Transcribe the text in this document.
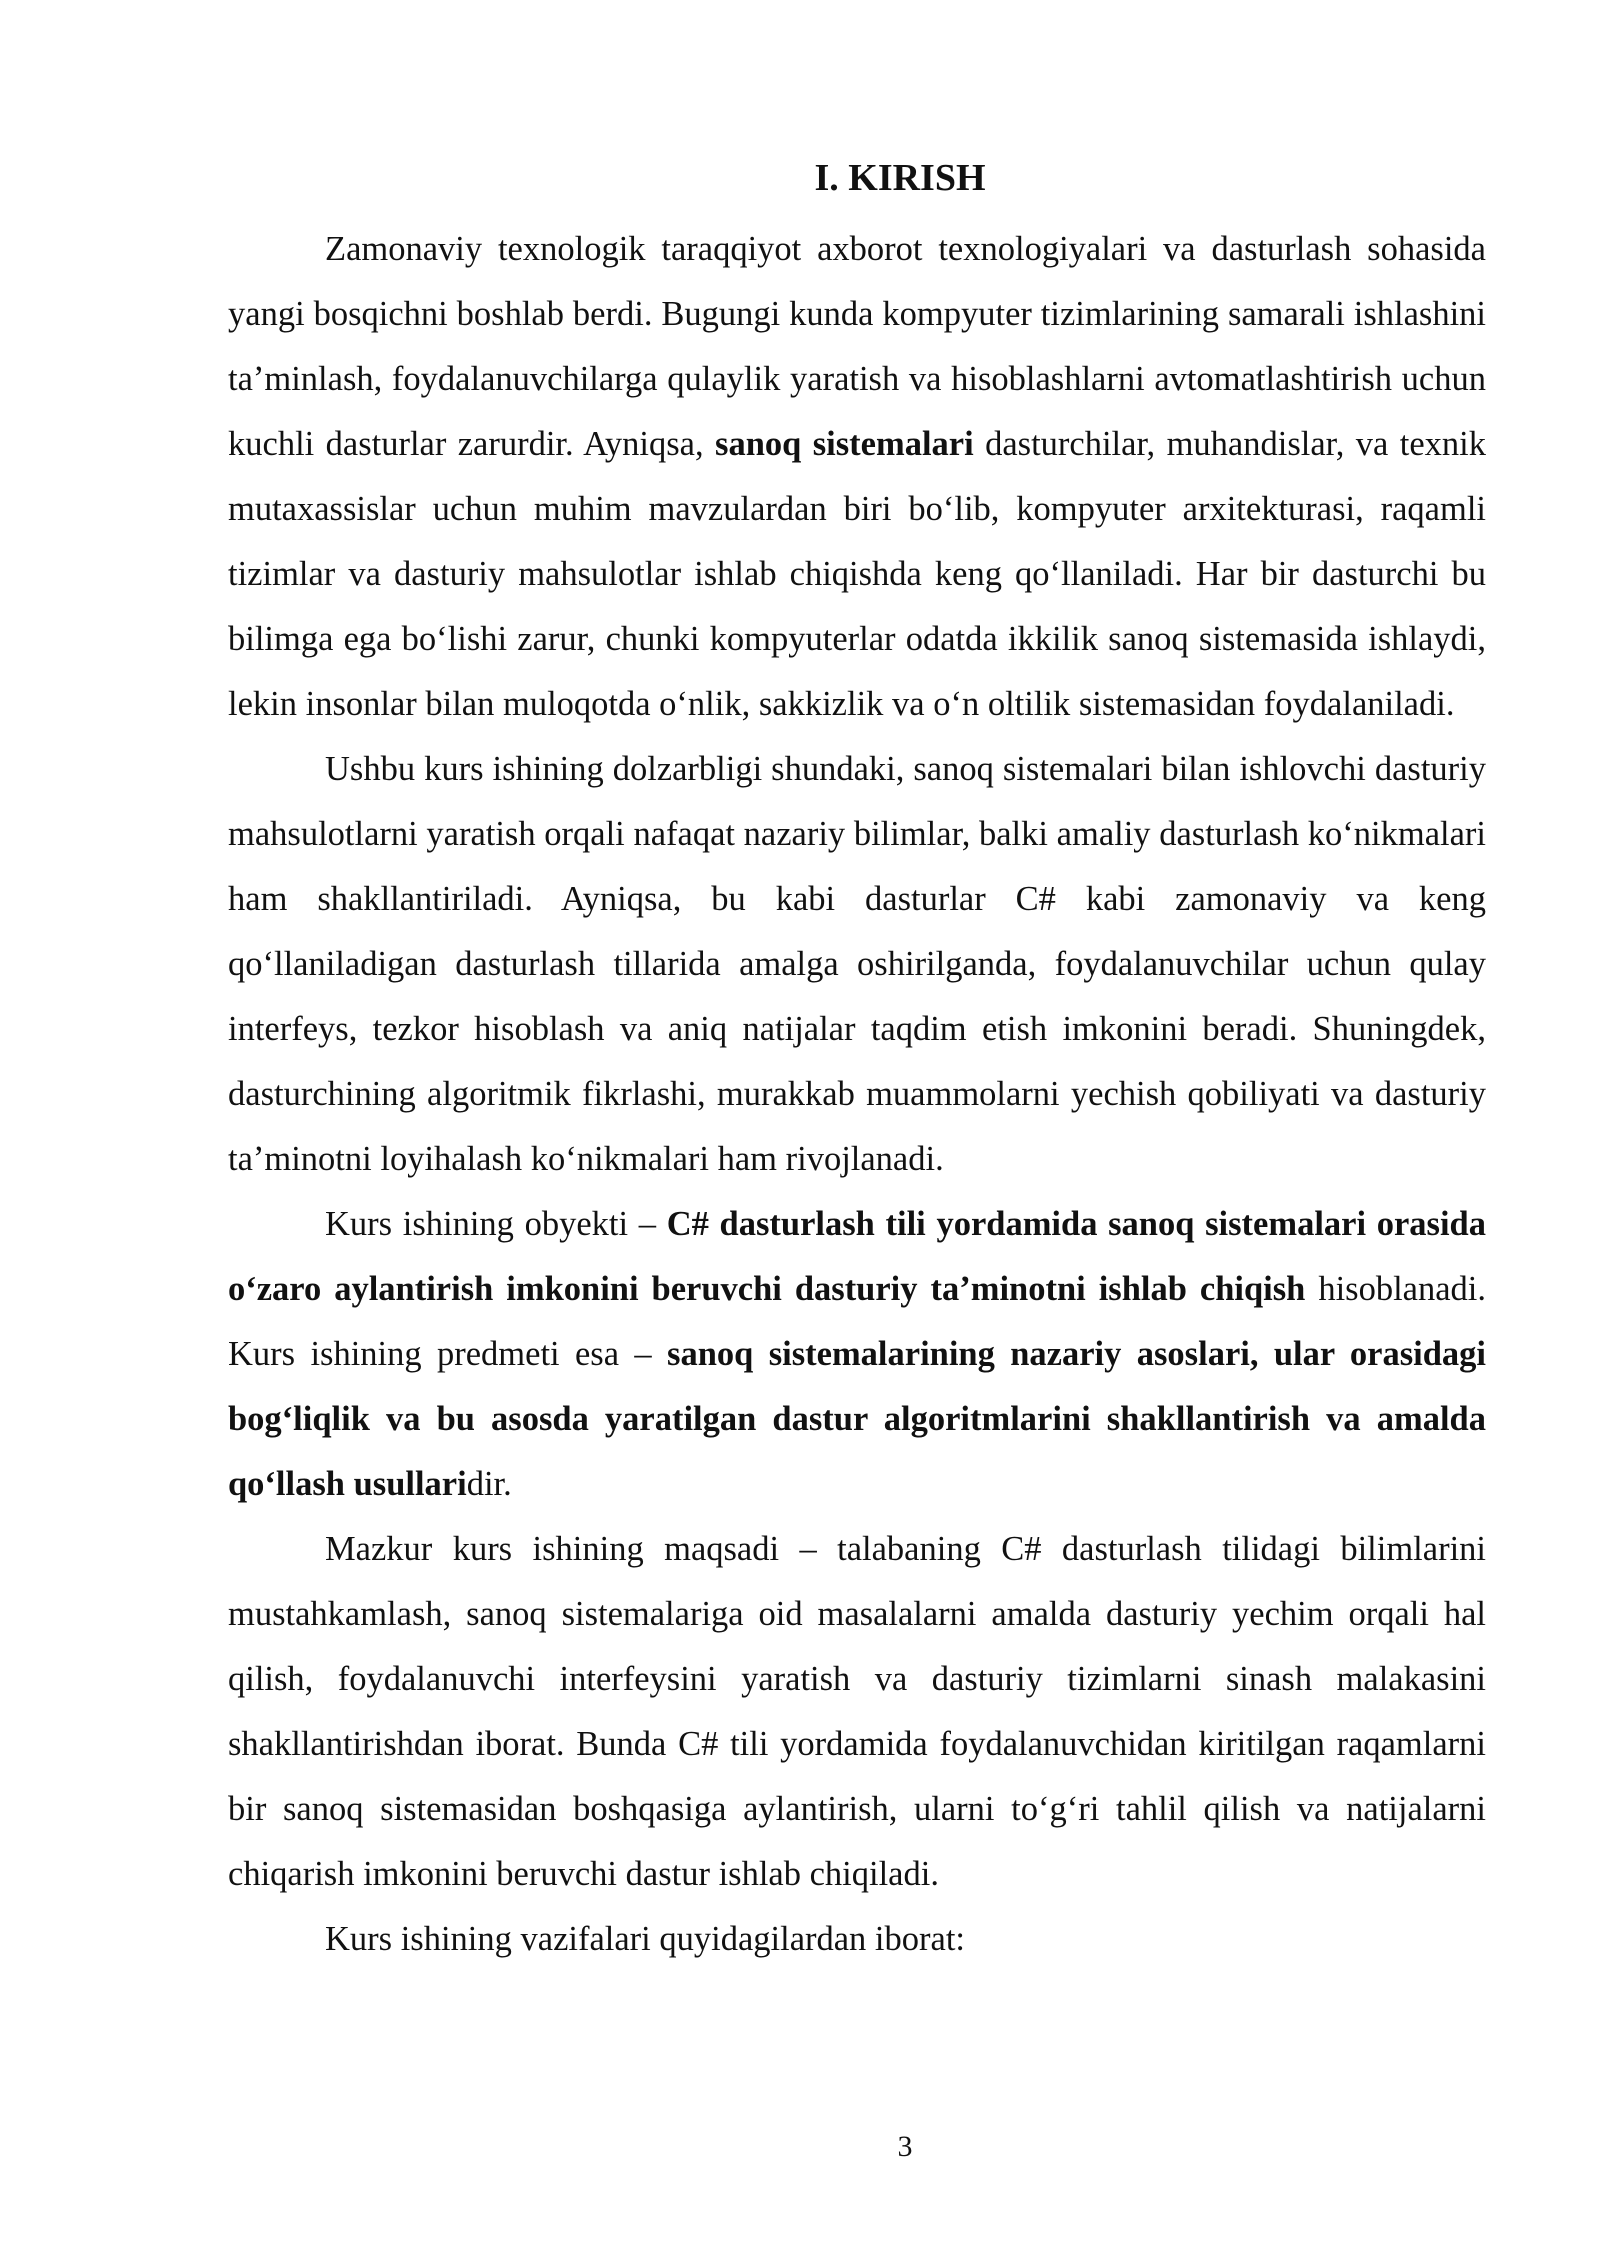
I. KIRISH

Zamonaviy texnologik taraqqiyot axborot texnologiyalari va dasturlash sohasida yangi bosqichni boshlab berdi. Bugungi kunda kompyuter tizimlarining samarali ishlashini taʼminlash, foydalanuvchilarga qulaylik yaratish va hisoblashlarni avtomatlashtirish uchun kuchli dasturlar zarurdir. Ayniqsa, sanoq sistemalari dasturchilar, muhandislar, va texnik mutaxassislar uchun muhim mavzulardan biri bo‘lib, kompyuter arxitekturasi, raqamli tizimlar va dasturiy mahsulotlar ishlab chiqishda keng qo‘llaniladi. Har bir dasturchi bu bilimga ega bo‘lishi zarur, chunki kompyuterlar odatda ikkilik sanoq sistemasida ishlaydi, lekin insonlar bilan muloqotda o‘nlik, sakkizlik va o‘n oltilik sistemasidan foydalaniladi.

Ushbu kurs ishining dolzarbligi shundaki, sanoq sistemalari bilan ishlovchi dasturiy mahsulotlarni yaratish orqali nafaqat nazariy bilimlar, balki amaliy dasturlash ko‘nikmalari ham shakllantiriladi. Ayniqsa, bu kabi dasturlar C# kabi zamonaviy va keng qo‘llaniladigan dasturlash tillarida amalga oshirilganda, foydalanuvchilar uchun qulay interfeys, tezkor hisoblash va aniq natijalar taqdim etish imkonini beradi. Shuningdek, dasturchining algoritmik fikrlashi, murakkab muammolarni yechish qobiliyati va dasturiy taʼminotni loyihalash ko‘nikmalari ham rivojlanadi.

Kurs ishining obyekti – C# dasturlash tili yordamida sanoq sistemalari orasida o‘zaro aylantirish imkonini beruvchi dasturiy taʼminotni ishlab chiqish hisoblanadi. Kurs ishining predmeti esa – sanoq sistemalarining nazariy asoslari, ular orasidagi bog‘liqlik va bu asosda yaratilgan dastur algoritmlarini shakllantirish va amalda qo‘llash usullaridir.

Mazkur kurs ishining maqsadi – talabaning C# dasturlash tilidagi bilimlarini mustahkamlash, sanoq sistemalariga oid masalalarni amalda dasturiy yechim orqali hal qilish, foydalanuvchi interfeysini yaratish va dasturiy tizimlarni sinash malakasini shakllantirishdan iborat. Bunda C# tili yordamida foydalanuvchidan kiritilgan raqamlarni bir sanoq sistemasidan boshqasiga aylantirish, ularni to‘g‘ri tahlil qilish va natijalarni chiqarish imkonini beruvchi dastur ishlab chiqiladi.

Kurs ishining vazifalari quyidagilardan iborat:

3
